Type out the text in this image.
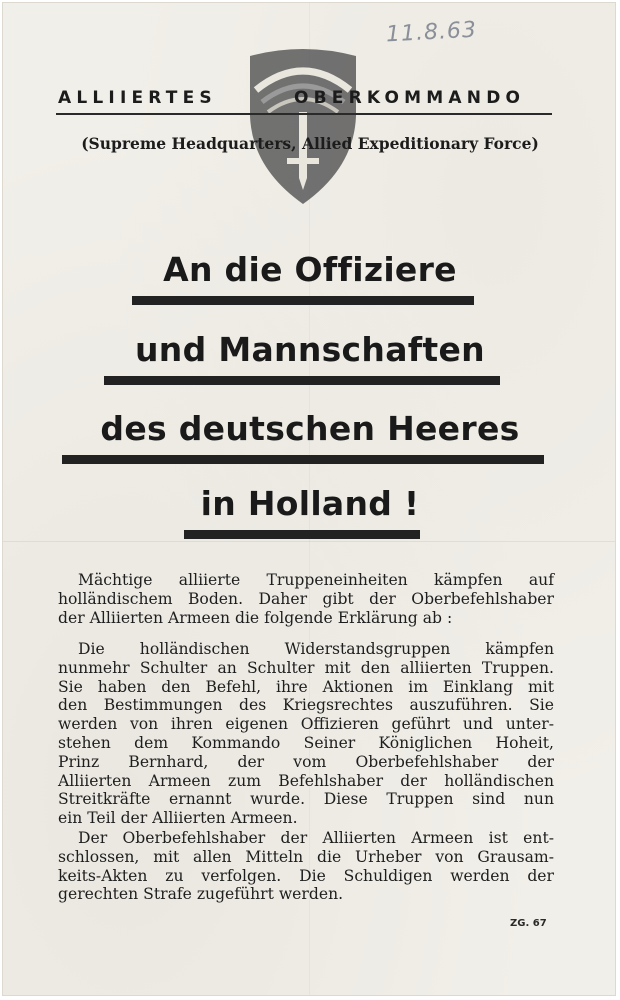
11.8.63
ALLIIERTES	OBERKOMMANDO
(Supreme Headquarters, Allied Expeditionary Force)
An die Offiziere
und Mannschaften
des deutschen Heeres
in Holland !
Mächtige alliierte Truppeneinheiten kämpfen auf
holländischem Boden. Daher gibt der Oberbefehlshaber
der Alliierten Armeen die folgende Erklärung ab :
Die holländischen Widerstandsgruppen kämpfen
nunmehr Schulter an Schulter mit den alliierten Truppen.
Sie haben den Befehl, ihre Aktionen im Einklang mit
den Bestimmungen des Kriegsrechtes auszuführen. Sie
werden von ihren eigenen Offizieren geführt und unter-
stehen dem Kommando Seiner Königlichen Hoheit,
Prinz Bernhard, der vom Oberbefehlshaber der
Alliierten Armeen zum Befehlshaber der holländischen
Streitkräfte ernannt wurde. Diese Truppen sind nun
ein Teil der Alliierten Armeen.
Der Oberbefehlshaber der Alliierten Armeen ist ent-
schlossen, mit allen Mitteln die Urheber von Grausam-
keits-Akten zu verfolgen. Die Schuldigen werden der
gerechten Strafe zugeführt werden.
ZG. 67
